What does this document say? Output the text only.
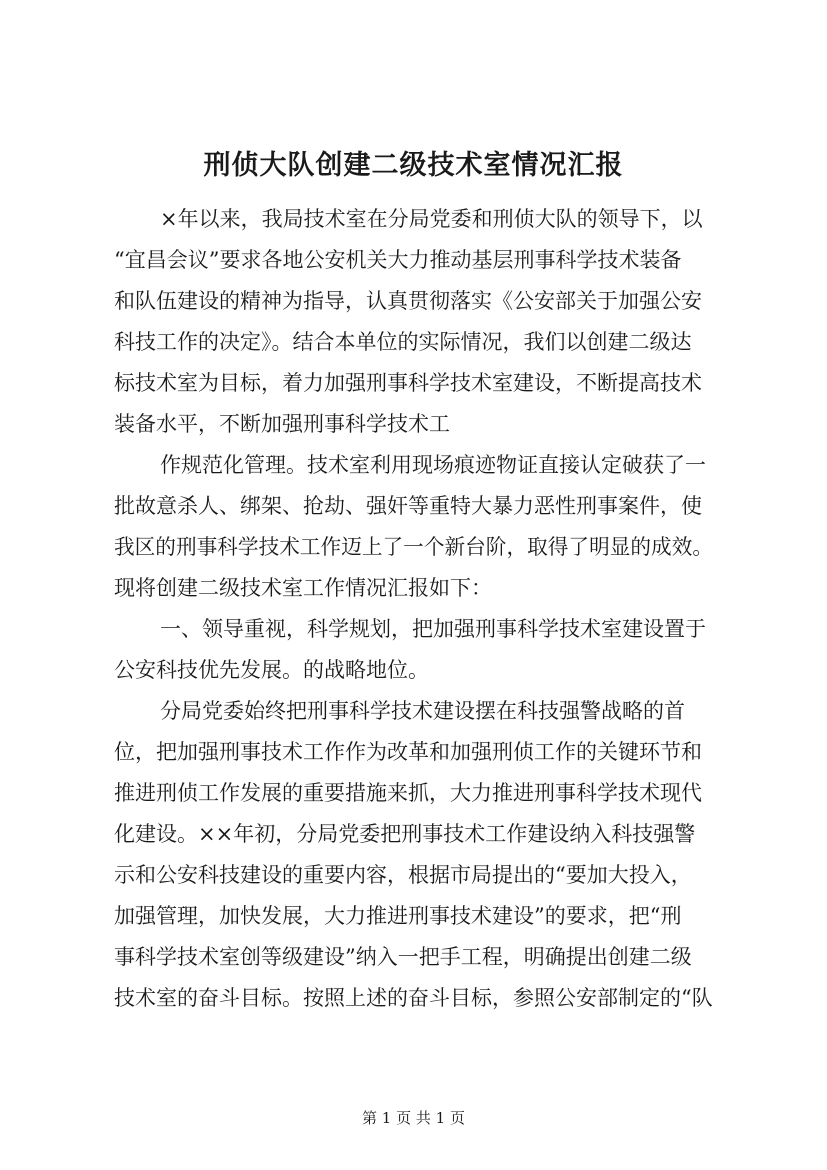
刑侦大队创建二级技术室情况汇报
×年以来，我局技术室在分局党委和刑侦大队的领导下，以
“宜昌会议”要求各地公安机关大力推动基层刑事科学技术装备
和队伍建设的精神为指导，认真贯彻落实《公安部关于加强公安
科技工作的决定》。结合本单位的实际情况，我们以创建二级达
标技术室为目标，着力加强刑事科学技术室建设，不断提高技术
装备水平，不断加强刑事科学技术工
作规范化管理。技术室利用现场痕迹物证直接认定破获了一
批故意杀人、绑架、抢劫、强奸等重特大暴力恶性刑事案件，使
我区的刑事科学技术工作迈上了一个新台阶，取得了明显的成效。
现将创建二级技术室工作情况汇报如下：
一、领导重视，科学规划，把加强刑事科学技术室建设置于
公安科技优先发展。的战略地位。
分局党委始终把刑事科学技术建设摆在科技强警战略的首
位，把加强刑事技术工作作为改革和加强刑侦工作的关键环节和
推进刑侦工作发展的重要措施来抓，大力推进刑事科学技术现代
化建设。××年初，分局党委把刑事技术工作建设纳入科技强警
示和公安科技建设的重要内容，根据市局提出的“要加大投入，
加强管理，加快发展，大力推进刑事技术建设”的要求，把“刑
事科学技术室创等级建设”纳入一把手工程，明确提出创建二级
技术室的奋斗目标。按照上述的奋斗目标，参照公安部制定的“队
第 1 页 共 1 页
